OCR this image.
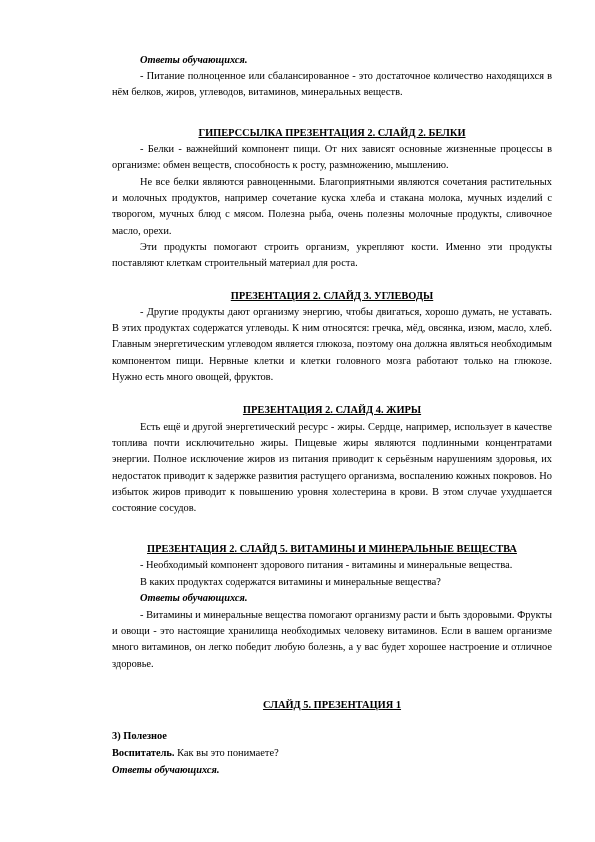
Ответы обучающихся.

- Питание полноценное или сбалансированное - это достаточное количество находящихся в нём белков, жиров, углеводов, витаминов, минеральных веществ.

ГИПЕРССЫЛКА ПРЕЗЕНТАЦИЯ 2. СЛАЙД 2. БЕЛКИ

- Белки - важнейший компонент пищи. От них зависят основные жизненные процессы в организме: обмен веществ, способность к росту, размножению, мышлению.

Не все белки являются равноценными. Благоприятными являются сочетания растительных и молочных продуктов, например сочетание куска хлеба и стакана молока, мучных изделий с творогом, мучных блюд с мясом. Полезна рыба, очень полезны молочные продукты, сливочное масло, орехи.

Эти продукты помогают строить организм, укрепляют кости. Именно эти продукты поставляют клеткам строительный материал для роста.

ПРЕЗЕНТАЦИЯ 2. СЛАЙД 3. УГЛЕВОДЫ

- Другие продукты дают организму энергию, чтобы двигаться, хорошо думать, не уставать. В этих продуктах содержатся углеводы. К ним относятся: гречка, мёд, овсянка, изюм, масло, хлеб. Главным энергетическим углеводом является глюкоза, поэтому она должна являться необходимым компонентом пищи. Нервные клетки и клетки головного мозга работают только на глюкозе. Нужно есть много овощей, фруктов.

ПРЕЗЕНТАЦИЯ 2. СЛАЙД 4. ЖИРЫ

Есть ещё и другой энергетический ресурс - жиры. Сердце, например, использует в качестве топлива почти исключительно жиры. Пищевые жиры являются подлинными концентратами энергии. Полное исключение жиров из питания приводит к серьёзным нарушениям здоровья, их недостаток приводит к задержке развития растущего организма, воспалению кожных покровов. Но избыток жиров приводит к повышению уровня холестерина в крови. В этом случае ухудшается состояние сосудов.

ПРЕЗЕНТАЦИЯ 2. СЛАЙД 5. ВИТАМИНЫ И МИНЕРАЛЬНЫЕ ВЕЩЕСТВА

- Необходимый компонент здорового питания - витамины и минеральные вещества.

В каких продуктах содержатся витамины и минеральные вещества?

Ответы обучающихся.

- Витамины и минеральные вещества помогают организму расти и быть здоровыми. Фрукты и овощи - это настоящие хранилища необходимых человеку витаминов. Если в вашем организме много витаминов, он легко победит любую болезнь, а у вас будет хорошее настроение и отличное здоровье.

СЛАЙД 5. ПРЕЗЕНТАЦИЯ 1

3) Полезное

Воспитатель. Как вы это понимаете?

Ответы обучающихся.
